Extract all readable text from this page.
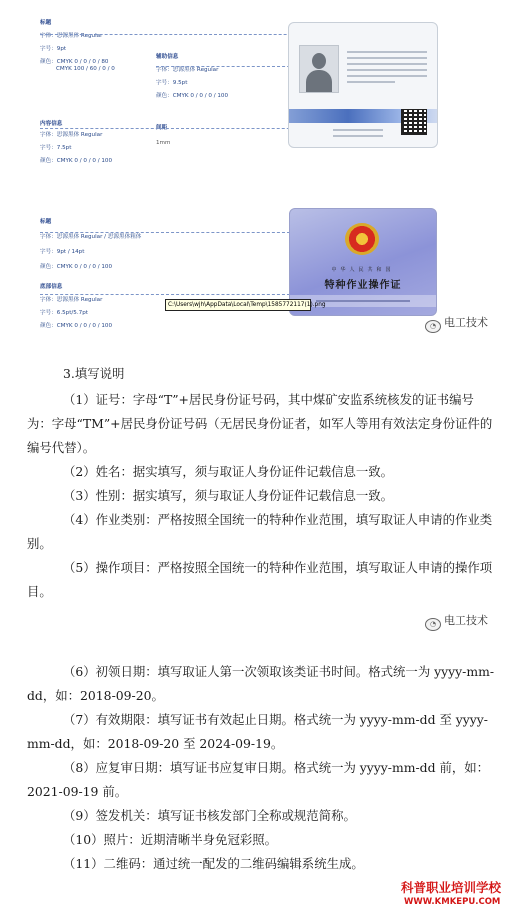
标题
字体：思源黑体 Regular
字号：9pt
颜色：CMYK 0 / 0 / 0 / 80
CMYK 100 / 60 / 0 / 0
辅助信息
字体：思源黑体 Regular
字号：9.5pt
颜色：CMYK 0 / 0 / 0 / 100
内容信息
字体：思源黑体 Regular
字号：7.5pt
颜色：CMYK 0 / 0 / 0 / 100
间距
1mm
标题
字体：思源黑体 Regular / 思源黑体粗体
字号：9pt / 14pt
颜色：CMYK 0 / 0 / 0 / 100
底部信息
字体：思源黑体 Regular
字号：6.5pt/5.7pt
颜色：CMYK 0 / 0 / 0 / 100
中华人民共和国
特种作业操作证
C:\Users\wjh\AppData\Local\Temp\1585772117(1).png
◔ 电工技术

3.填写说明

（1）证号：字母“T”+居民身份证号码，其中煤矿安监系统核发的证书编号为：字母“TM”+居民身份证号码（无居民身份证者，如军人等用有效法定身份证件的编号代替）。

（2）姓名：据实填写，须与取证人身份证件记载信息一致。

（3）性别：据实填写，须与取证人身份证件记载信息一致。

（4）作业类别：严格按照全国统一的特种作业范围，填写取证人申请的作业类别。

（5）操作项目：严格按照全国统一的特种作业范围，填写取证人申请的操作项目。

◔ 电工技术

（6）初领日期：填写取证人第一次领取该类证书时间。格式统一为 yyyy-mm-dd，如：2018-09-20。

（7）有效期限：填写证书有效起止日期。格式统一为 yyyy-mm-dd 至 yyyy-mm-dd，如：2018-09-20 至 2024-09-19。

（8）应复审日期：填写证书应复审日期。格式统一为 yyyy-mm-dd 前，如：2021-09-19 前。

（9）签发机关：填写证书核发部门全称或规范简称。

（10）照片：近期清晰半身免冠彩照。

（11）二维码：通过统一配发的二维码编辑系统生成。

科普职业培训学校
WWW.KMKEPU.COM
